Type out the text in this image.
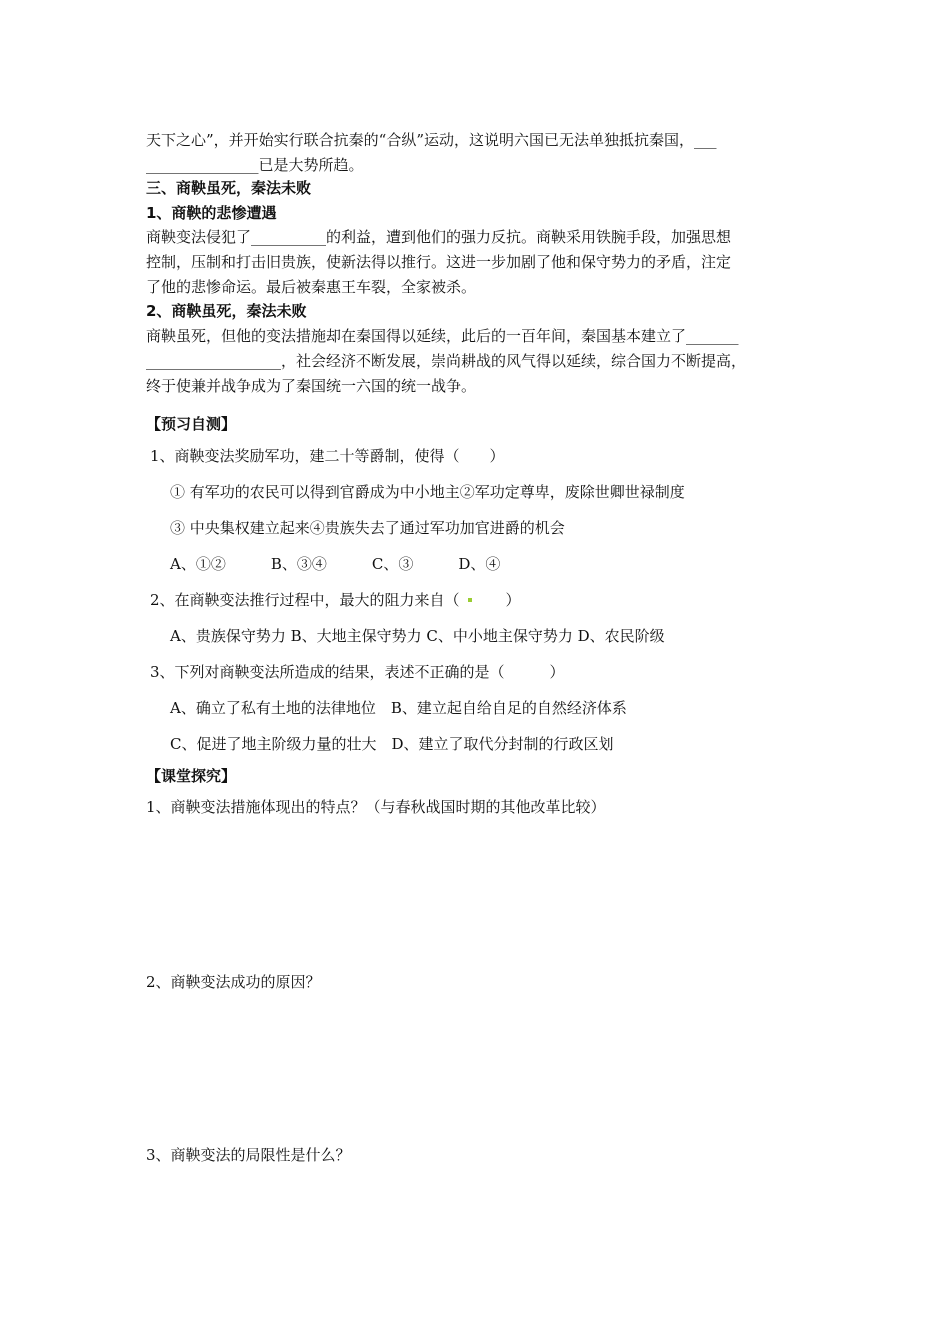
天下之心”，并开始实行联合抗秦的“合纵”运动，这说明六国已无法单独抵抗秦国，___
_______________已是大势所趋。
三、商鞅虽死，秦法未败
1、商鞅的悲惨遭遇
商鞅变法侵犯了__________的利益，遭到他们的强力反抗。商鞅采用铁腕手段，加强思想
控制，压制和打击旧贵族，使新法得以推行。这进一步加剧了他和保守势力的矛盾，注定
了他的悲惨命运。最后被秦惠王车裂，全家被杀。
2、商鞅虽死，秦法未败
商鞅虽死，但他的变法措施却在秦国得以延续，此后的一百年间，秦国基本建立了_______
__________________，社会经济不断发展，崇尚耕战的风气得以延续，综合国力不断提高，
终于使兼并战争成为了秦国统一六国的统一战争。
【预习自测】
1、商鞅变法奖励军功，建二十等爵制，使得（　　）
① 有军功的农民可以得到官爵成为中小地主②军功定尊卑，废除世卿世禄制度
③ 中央集权建立起来④贵族失去了通过军功加官进爵的机会
A、①②　　　B、③④　　　C、③　　　D、④
2、在商鞅变法推行过程中，最大的阻力来自（　　）
A、贵族保守势力 B、大地主保守势力 C、中小地主保守势力 D、农民阶级
3、下列对商鞅变法所造成的结果，表述不正确的是（　　　）
A、确立了私有土地的法律地位　B、建立起自给自足的自然经济体系
C、促进了地主阶级力量的壮大　D、建立了取代分封制的行政区划
【课堂探究】
1、商鞅变法措施体现出的特点？（与春秋战国时期的其他改革比较）
2、商鞅变法成功的原因？
3、商鞅变法的局限性是什么？
